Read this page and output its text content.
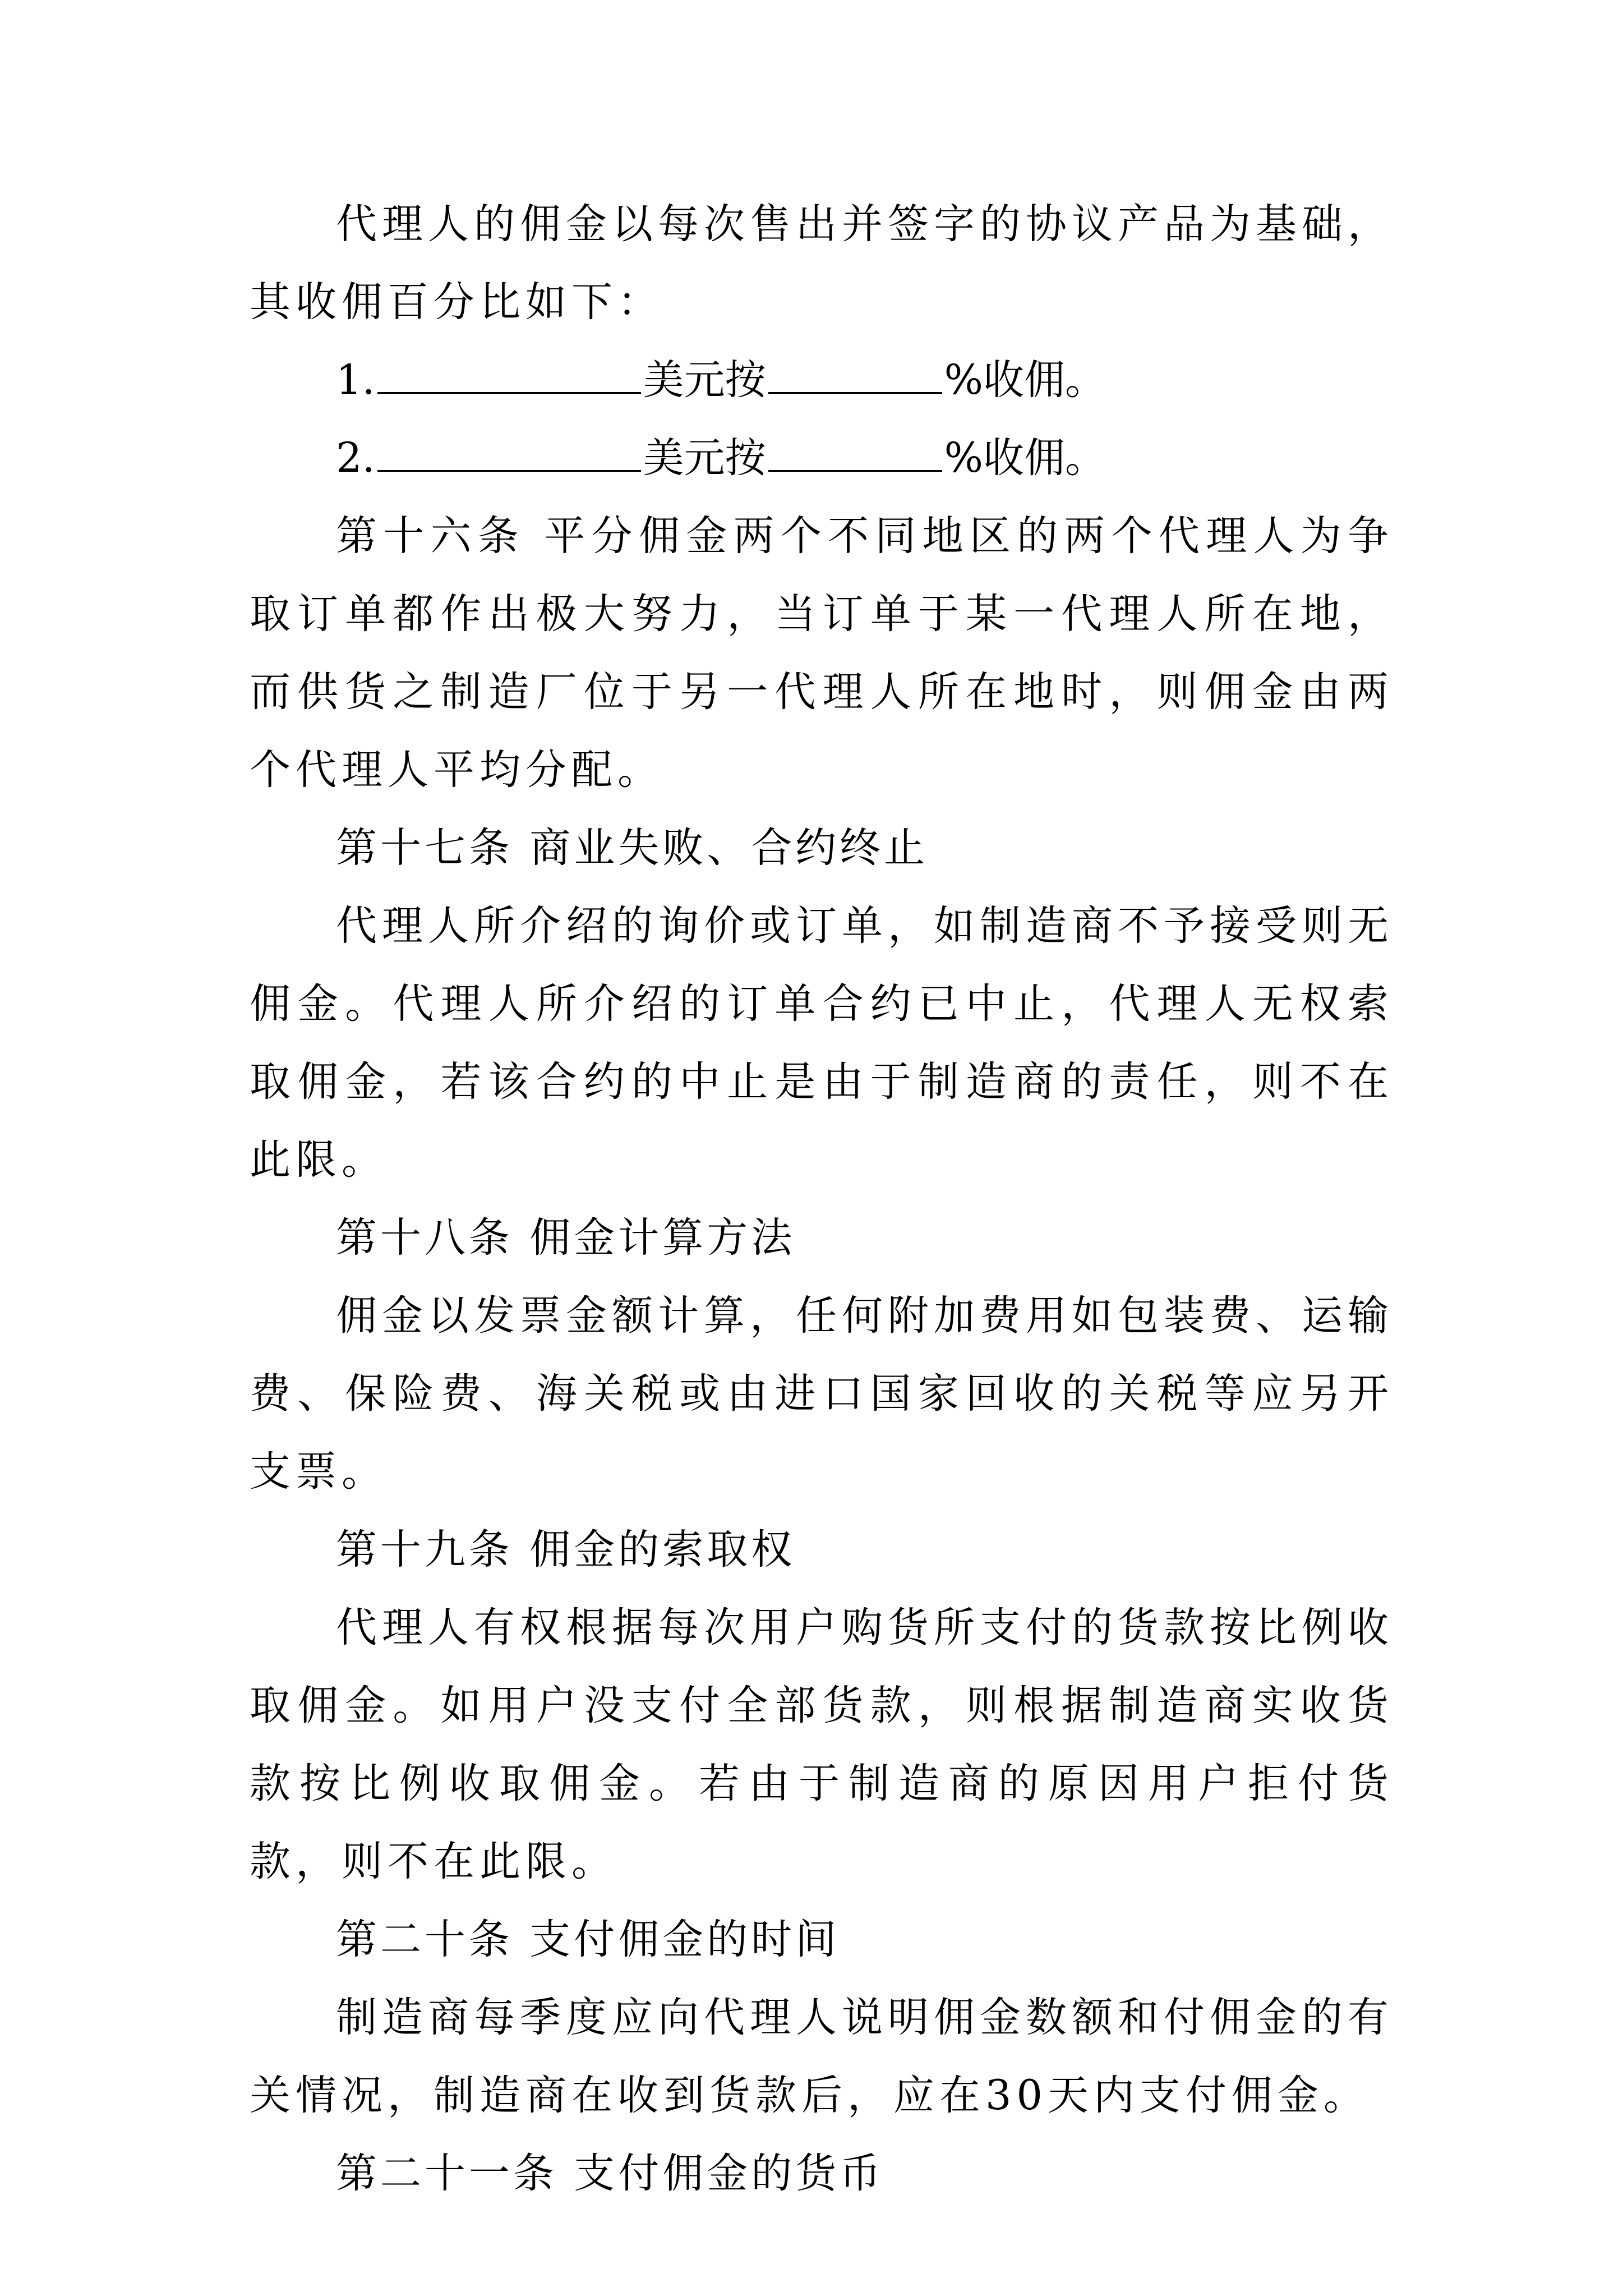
代理人的佣金以每次售出并签字的协议产品为基础，其收佣百分比如下：

1.	美元按	%收佣。

2.	美元按	%收佣。

第十六条 平分佣金两个不同地区的两个代理人为争取订单都作出极大努力，当订单于某一代理人所在地，而供货之制造厂位于另一代理人所在地时，则佣金由两个代理人平均分配。

第十七条 商业失败、合约终止

代理人所介绍的询价或订单，如制造商不予接受则无佣金。代理人所介绍的订单合约已中止，代理人无权索取佣金，若该合约的中止是由于制造商的责任，则不在此限。

第十八条 佣金计算方法

佣金以发票金额计算，任何附加费用如包装费、运输费、保险费、海关税或由进口国家回收的关税等应另开支票。

第十九条 佣金的索取权

代理人有权根据每次用户购货所支付的货款按比例收取佣金。如用户没支付全部货款，则根据制造商实收货款按比例收取佣金。若由于制造商的原因用户拒付货款，则不在此限。

第二十条 支付佣金的时间

制造商每季度应向代理人说明佣金数额和付佣金的有关情况，制造商在收到货款后，应在30天内支付佣金。

第二十一条 支付佣金的货币
